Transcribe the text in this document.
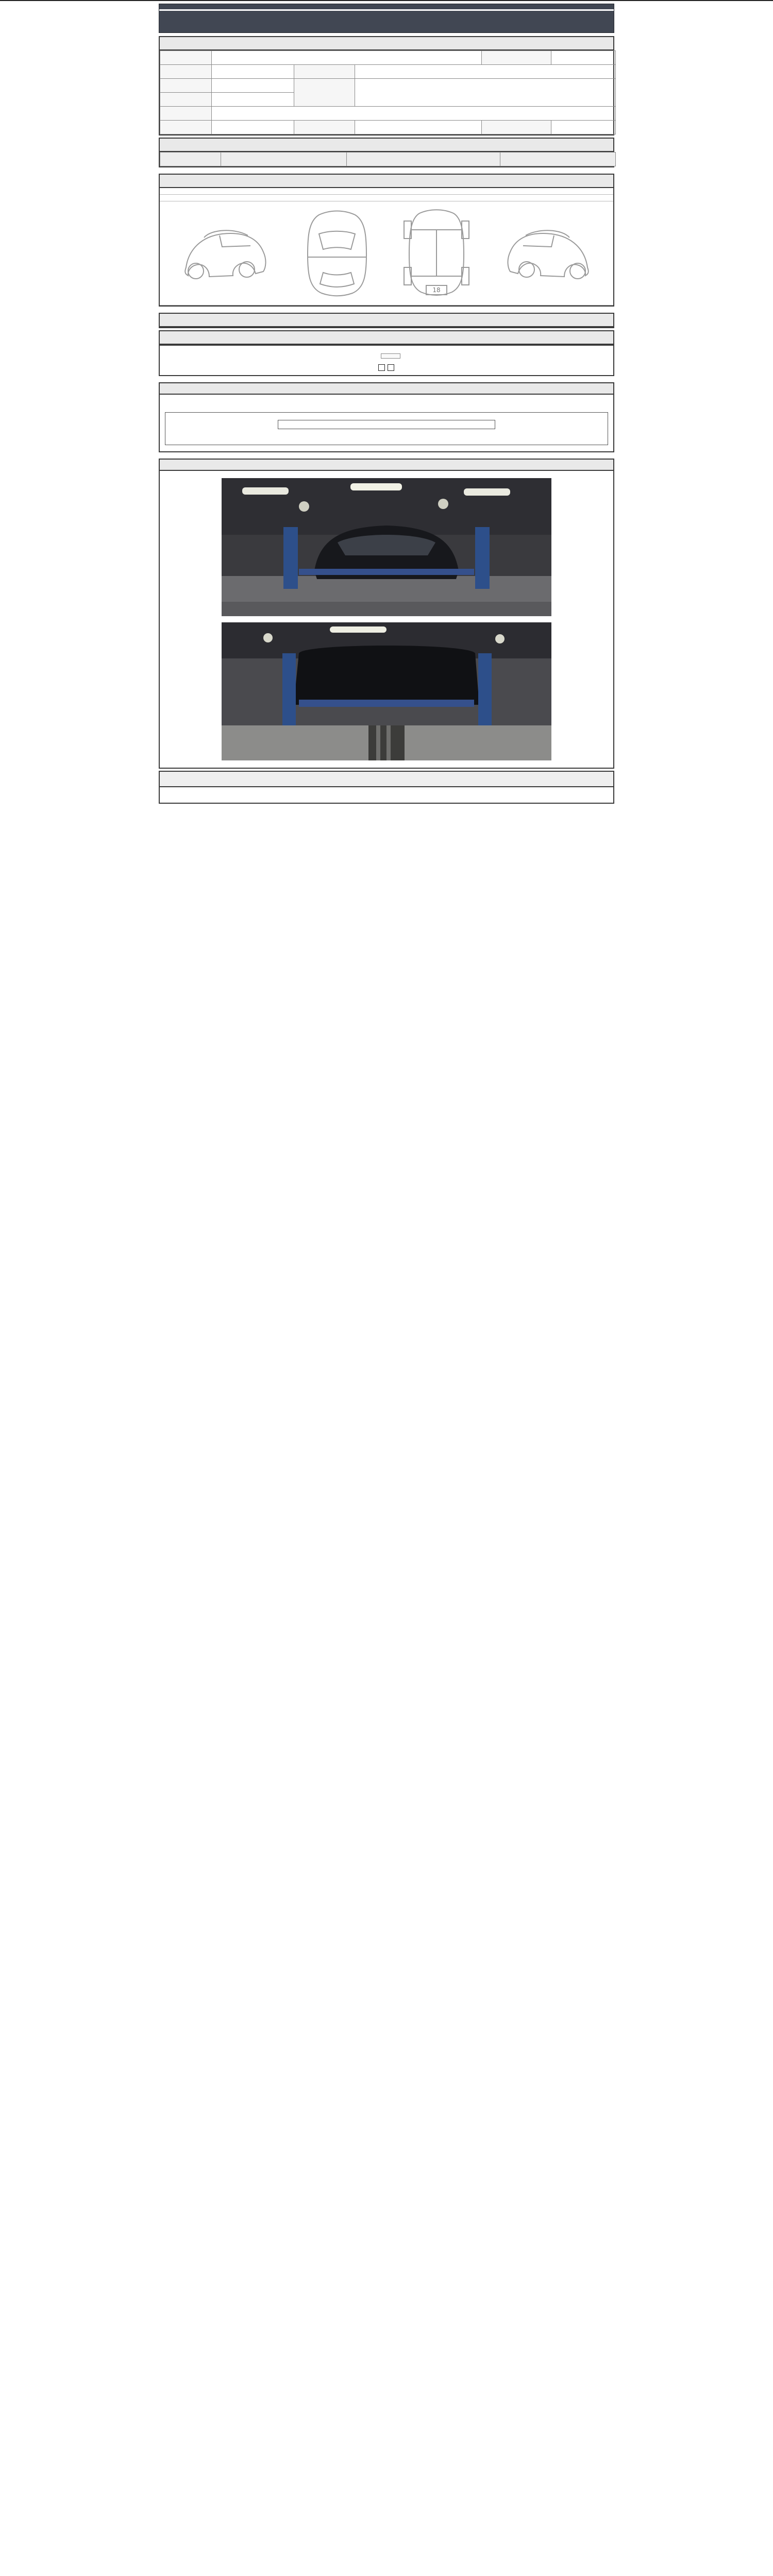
18
